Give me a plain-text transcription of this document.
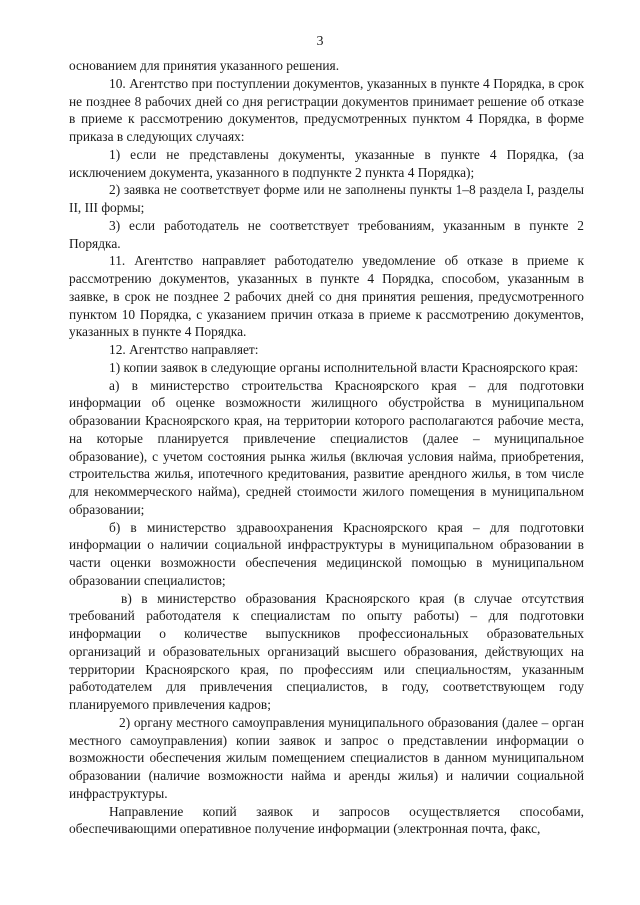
3

основанием для принятия указанного решения.

10. Агентство при поступлении документов, указанных в пункте 4 Порядка, в срок не позднее 8 рабочих дней со дня регистрации документов принимает решение об отказе в приеме к рассмотрению документов, предусмотренных пунктом 4 Порядка, в форме приказа в следующих случаях:

1) если не представлены документы, указанные в пункте 4 Порядка, (за исключением документа, указанного в подпункте 2 пункта 4 Порядка);

2) заявка не соответствует форме или не заполнены пункты 1–8 раздела I, разделы II, III формы;

3) если работодатель не соответствует требованиям, указанным в пункте 2 Порядка.

11. Агентство направляет работодателю уведомление об отказе в приеме к рассмотрению документов, указанных в пункте 4 Порядка, способом, указанным в заявке, в срок не позднее 2 рабочих дней со дня принятия решения, предусмотренного пунктом 10 Порядка, с указанием причин отказа в приеме к рассмотрению документов, указанных в пункте 4 Порядка.

12. Агентство направляет:

1) копии заявок в следующие органы исполнительной власти Красноярского края:

а) в министерство строительства Красноярского края – для подготовки информации об оценке возможности жилищного обустройства в муниципальном образовании Красноярского края, на территории которого располагаются рабочие места, на которые планируется привлечение специалистов (далее – муниципальное образование), с учетом состояния рынка жилья (включая условия найма, приобретения, строительства жилья, ипотечного кредитования, развитие арендного жилья, в том числе для некоммерческого найма), средней стоимости жилого помещения в муниципальном образовании;

б) в министерство здравоохранения Красноярского края – для подготовки информации о наличии социальной инфраструктуры в муниципальном образовании в части оценки возможности обеспечения медицинской помощью в муниципальном образовании специалистов;

в) в министерство образования Красноярского края (в случае отсутствия требований работодателя к специалистам по опыту работы) – для подготовки информации о количестве выпускников профессиональных образовательных организаций и образовательных организаций высшего образования, действующих на территории Красноярского края, по профессиям или специальностям, указанным работодателем для привлечения специалистов, в году, соответствующем году планируемого привлечения кадров;

2) органу местного самоуправления муниципального образования (далее – орган местного самоуправления) копии заявок и запрос о представлении информации о возможности обеспечения жилым помещением специалистов в данном муниципальном образовании (наличие возможности найма и аренды жилья) и наличии социальной инфраструктуры.

Направление копий заявок и запросов осуществляется способами, обеспечивающими оперативное получение информации (электронная почта, факс,
